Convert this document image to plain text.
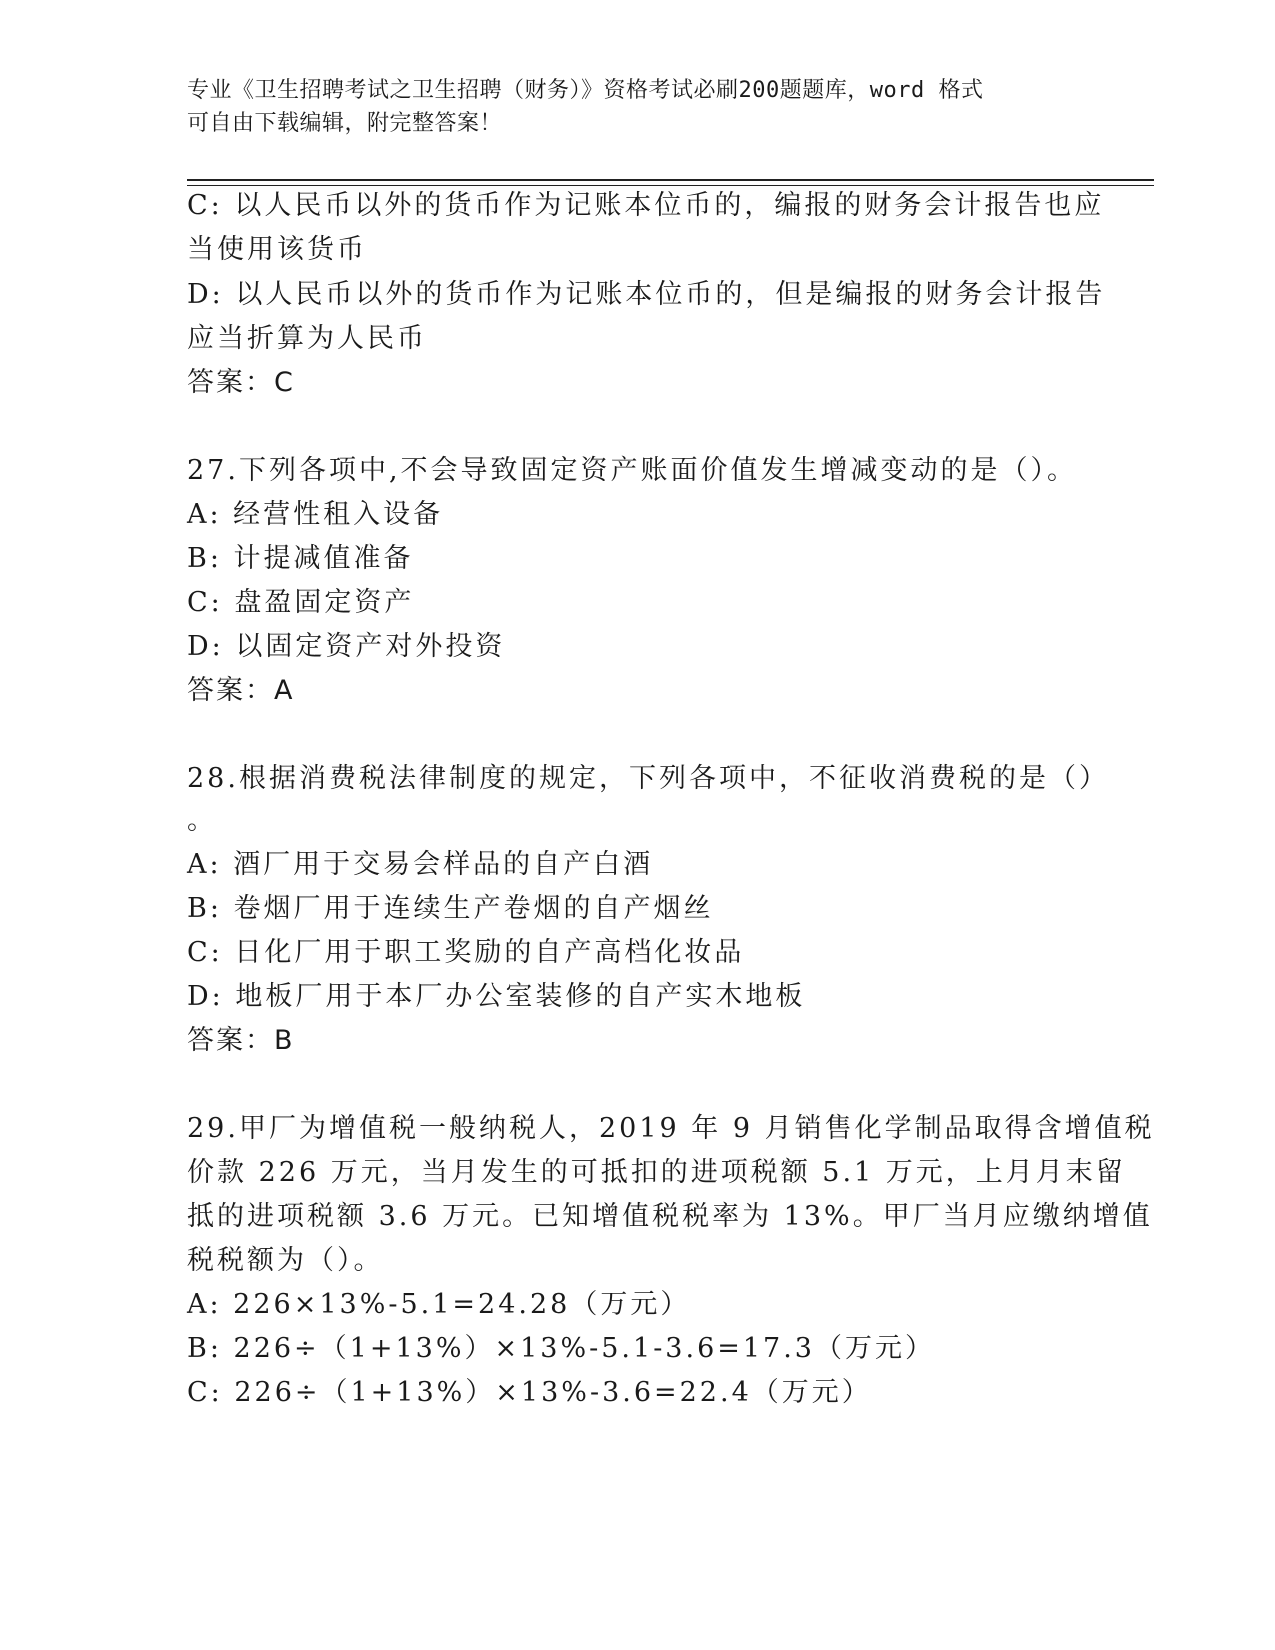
专业《卫生招聘考试之卫生招聘（财务）》资格考试必刷200题题库，word 格式
可自由下载编辑，附完整答案！
C: 以人民币以外的货币作为记账本位币的，编报的财务会计报告也应
当使用该货币
D: 以人民币以外的货币作为记账本位币的，但是编报的财务会计报告
应当折算为人民币
答案：C
27.下列各项中,不会导致固定资产账面价值发生增减变动的是（）。
A: 经营性租入设备
B: 计提减值准备
C: 盘盈固定资产
D: 以固定资产对外投资
答案：A
28.根据消费税法律制度的规定，下列各项中，不征收消费税的是（）
。
A: 酒厂用于交易会样品的自产白酒
B: 卷烟厂用于连续生产卷烟的自产烟丝
C: 日化厂用于职工奖励的自产高档化妆品
D: 地板厂用于本厂办公室装修的自产实木地板
答案：B
29.甲厂为增值税一般纳税人，2019 年 9 月销售化学制品取得含增值税
价款 226 万元，当月发生的可抵扣的进项税额 5.1 万元，上月月末留
抵的进项税额 3.6 万元。已知增值税税率为 13%。甲厂当月应缴纳增值
税税额为（）。
A: 226×13%-5.1=24.28（万元）
B: 226÷（1+13%）×13%-5.1-3.6=17.3（万元）
C: 226÷（1+13%）×13%-3.6=22.4（万元）
